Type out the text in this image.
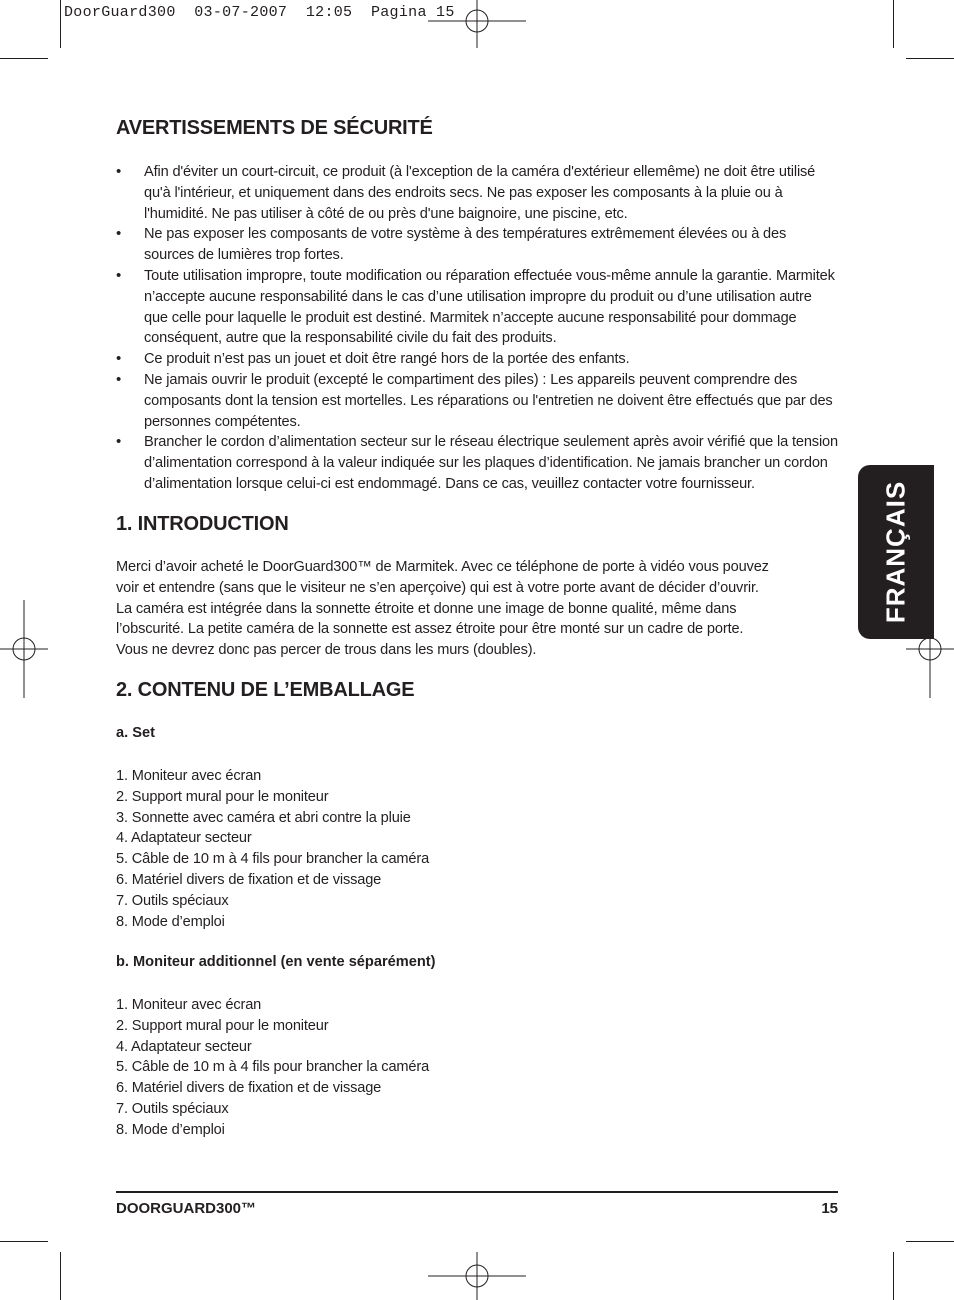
DoorGuard300  03-07-2007  12:05  Pagina 15
FRANÇAIS
AVERTISSEMENTS DE SÉCURITÉ
• Afin d'éviter un court-circuit, ce produit (à l'exception de la caméra d'extérieur ellemême) ne doit être utilisé qu'à l'intérieur, et uniquement dans des endroits secs. Ne pas exposer les composants à la pluie ou à l'humidité. Ne pas utiliser à côté de ou près d'une baignoire, une piscine, etc.
• Ne pas exposer les composants de votre système à des températures extrêmement élevées ou à des sources de lumières trop fortes.
• Toute utilisation impropre, toute modification ou réparation effectuée vous-même annule la garantie. Marmitek n’accepte aucune responsabilité dans le cas d’une utilisation impropre du produit ou d’une utilisation autre que celle pour laquelle le produit est destiné. Marmitek n’accepte aucune responsabilité pour dommage conséquent, autre que la responsabilité civile du fait des produits.
• Ce produit n’est pas un jouet et doit être rangé hors de la portée des enfants.
• Ne jamais ouvrir le produit (excepté le compartiment des piles) : Les appareils peuvent comprendre des composants dont la tension est mortelles. Les réparations ou l'entretien ne doivent être effectués que par des personnes compétentes.
• Brancher le cordon d’alimentation secteur sur le réseau électrique seulement après avoir vérifié que la tension d’alimentation correspond à la valeur indiquée sur les plaques d’identification. Ne jamais brancher un cordon d’alimentation lorsque celui-ci est endommagé. Dans ce cas, veuillez contacter votre fournisseur.
1. INTRODUCTION
Merci d’avoir acheté le DoorGuard300™ de Marmitek. Avec ce téléphone de porte à vidéo vous pouvez
voir et entendre (sans que le visiteur ne s’en aperçoive) qui est à votre porte avant de décider d’ouvrir.
La caméra est intégrée dans la sonnette étroite et donne une image de bonne qualité, même dans
l’obscurité. La petite caméra de la sonnette est assez étroite pour être monté sur un cadre de porte.
Vous ne devrez donc pas percer de trous dans les murs (doubles).
2. CONTENU DE L’EMBALLAGE
a. Set
1. Moniteur avec écran
2. Support mural pour le moniteur
3. Sonnette avec caméra et abri contre la pluie
4. Adaptateur secteur
5. Câble de 10 m à 4 fils pour brancher la caméra
6. Matériel divers de fixation et de vissage
7. Outils spéciaux
8. Mode d’emploi
b. Moniteur additionnel (en vente séparément)
1. Moniteur avec écran
2. Support mural pour le moniteur
4. Adaptateur secteur
5. Câble de 10 m à 4 fils pour brancher la caméra
6. Matériel divers de fixation et de vissage
7. Outils spéciaux
8. Mode d’emploi
DOORGUARD300™	15
